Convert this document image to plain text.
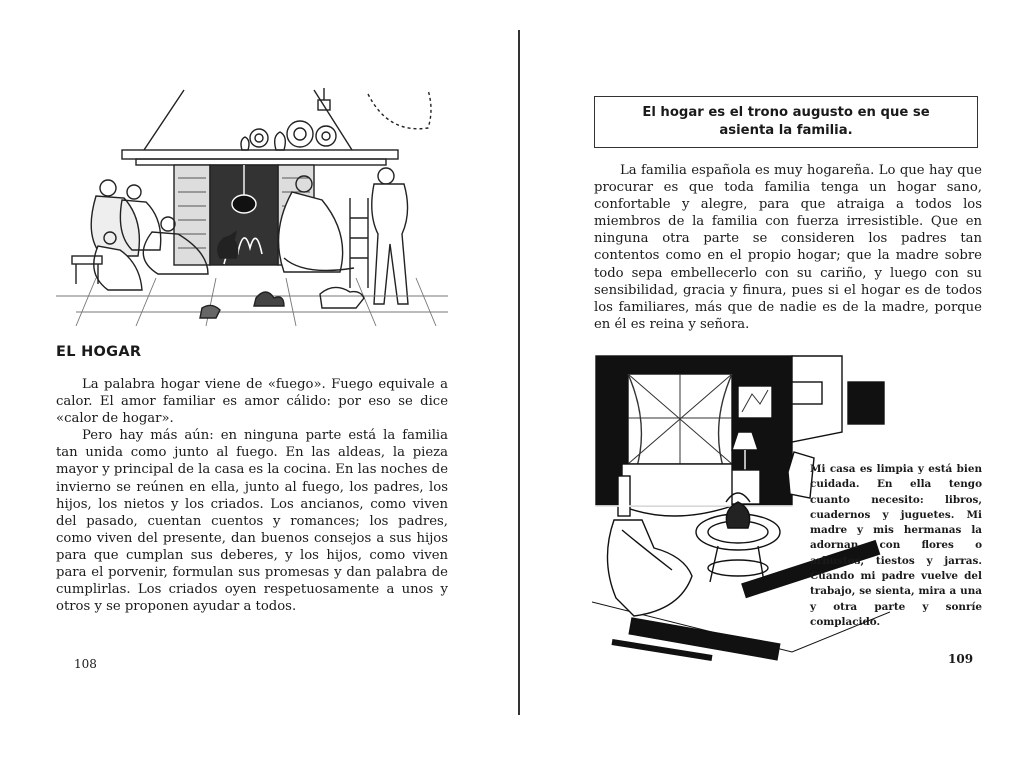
EL HOGAR

La palabra hogar viene de «fuego». Fuego equivale a calor. El amor familiar es amor cálido: por eso se dice «calor de hogar».

Pero hay más aún: en ninguna parte está la familia tan unida como junto al fuego. En las aldeas, la pieza mayor y principal de la casa es la cocina. En las noches de invierno se reúnen en ella, junto al fuego, los padres, los hijos, los nietos y los criados. Los ancianos, como viven del pasado, cuentan cuentos y romances; los padres, como viven del presente, dan buenos consejos a sus hijos para que cumplan sus deberes, y los hijos, como viven para el porvenir, formulan sus promesas y dan palabra de cumplirlas. Los criados oyen respetuosamente a unos y otros y se proponen ayudar a todos.

108
El hogar es el trono augusto en que se asienta la familia.

La familia española es muy hogareña. Lo que hay que procurar es que toda familia tenga un hogar sano, confortable y alegre, para que atraiga a todos los miembros de la familia con fuerza irresistible. Que en ninguna otra parte se consideren los padres tan contentos como en el propio hogar; que la madre sobre todo sepa embellecerlo con su cariño, y luego con su sensibilidad, gracia y finura, pues si el hogar es de todos los familiares, más que de nadie es de la madre, porque en él es reina y señora.

Mi casa es limpia y está bien cuidada. En ella tengo cuanto necesito: libros, cuadernos y juguetes. Mi madre y mis hermanas la adornan con flores o arbustos, tiestos y jarras. Cuando mi padre vuelve del trabajo, se sienta, mira a una y otra parte y sonríe complacido.

109
